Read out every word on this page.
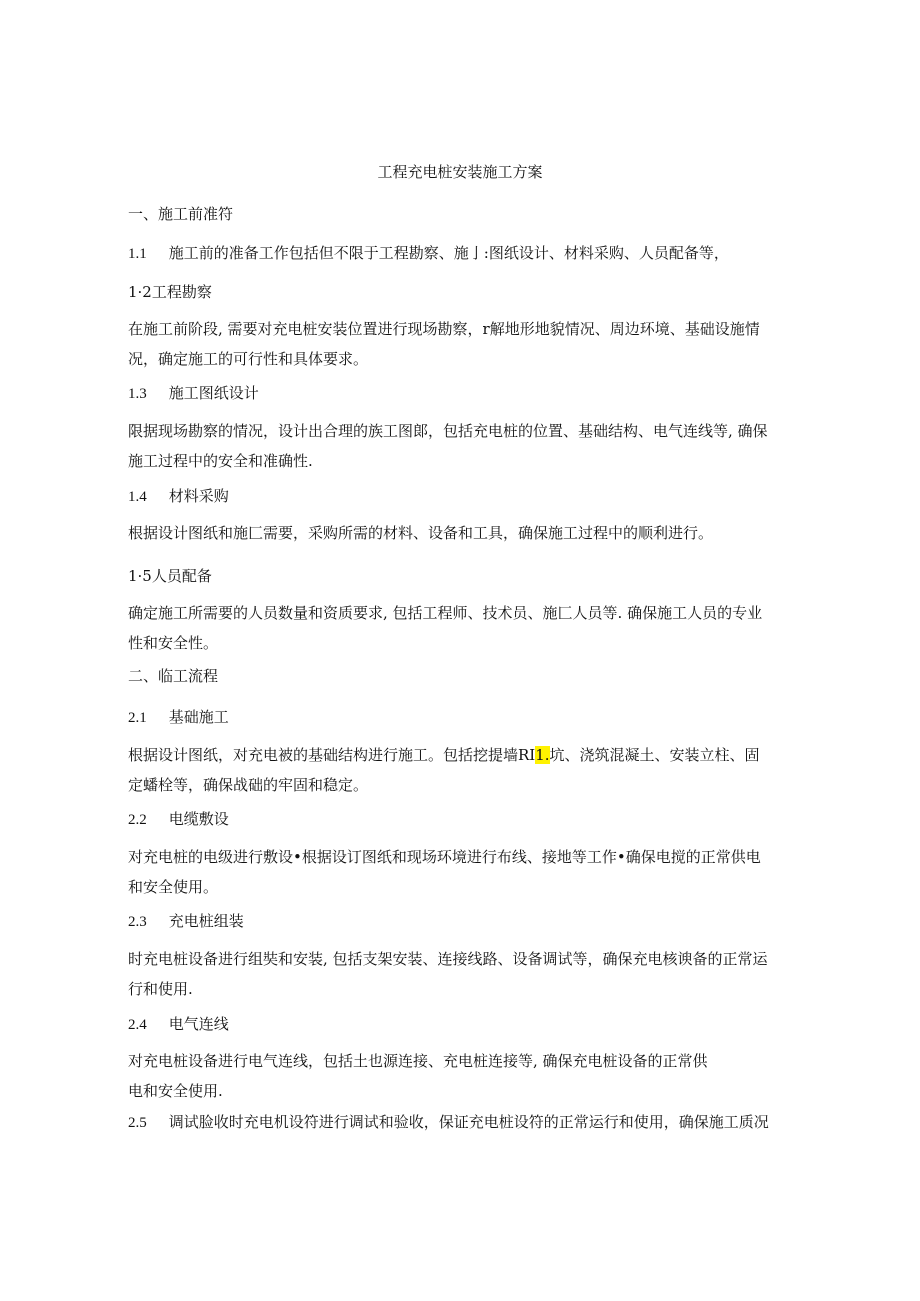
工程充电桩安装施工方案
一、施工前准符
1.1 施工前的准备工作包括但不限于工程勘察、施亅:图纸设计、材料采购、人员配备等，
1·2工程勘察
在施工前阶段, 需要对充电桩安装位置进行现场勘察，r解地形地貌情况、周边环境、基础设施情
况，确定施工的可行性和具体要求。
1.3 施工图纸设计
限据现场勘察的情况，设计出合理的族工图郞，包括充电桩的位置、基础结构、电气连线等, 确保
施工过程中的安全和准确性.
1.4 材料采购
根据设计图纸和施匚需要，采购所需的材料、设备和工具，确保施工过程中的顺利进行。
1·5人员配备
确定施工所需要的人员数量和资质要求, 包括工程师、技术员、施匚人员等. 确保施工人员的专业
性和安全性。
二、临工流程
2.1 基础施工
根据设计图纸，对充电被的基础结构进行施工。包括挖提墙RI1.坑、浇筑混凝土、安装立柱、固
定蟠栓等，确保战础的牢固和稳定。
2.2 电缆敷设
对充电桩的电级进行敷设•根据设订图纸和现场环境进行布线、接地等工作•确保电搅的正常供电
和安全使用。
2.3 充电桩组装
时充电桩设备进行组奘和安装, 包括支架安装、连接线路、设备调试等，确保充电核谀备的正常运
行和使用.
2.4 电气连线
对充电桩设备进行电气连线，包括土也源连接、充电桩连接等, 确保充电桩设备的正常供
电和安全使用.
2.5 调试脸收时充电机设符进行调试和验收，保证充电桩设符的正常运行和使用，确保施工质况
